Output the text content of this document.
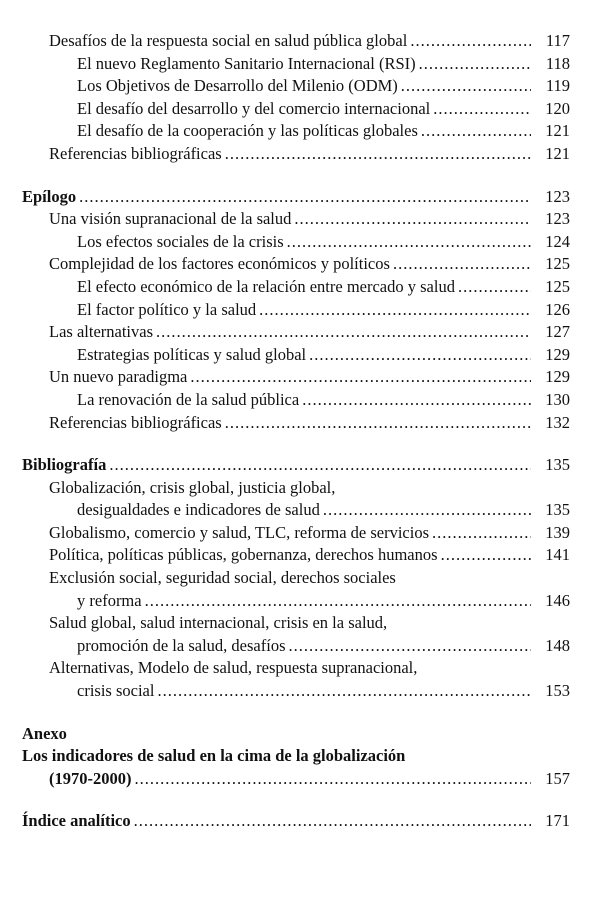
Desafíos de la respuesta social en salud pública global .....	117
El nuevo Reglamento Sanitario Internacional (RSI) .....	118
Los Objetivos de Desarrollo del Milenio (ODM) .....	119
El desafío del desarrollo y del comercio internacional .....	120
El desafío de la cooperación y las políticas globales .....	121
Referencias bibliográficas .....	121
Epílogo .....	123
Una visión supranacional de la salud .....	123
Los efectos sociales de la crisis .....	124
Complejidad de los factores económicos y políticos .....	125
El efecto económico de la relación entre mercado y salud .....	125
El factor político y la salud .....	126
Las alternativas .....	127
Estrategias políticas y salud global .....	129
Un nuevo paradigma .....	129
La renovación de la salud pública .....	130
Referencias bibliográficas .....	132
Bibliografía .....	135
Globalización, crisis global, justicia global,
desigualdades e indicadores de salud .....	135
Globalismo, comercio y salud, TLC, reforma de servicios .....	139
Política, políticas públicas, gobernanza, derechos humanos .....	141
Exclusión social, seguridad social, derechos sociales
y reforma .....	146
Salud global, salud internacional, crisis en la salud,
promoción de la salud, desafíos .....	148
Alternativas, Modelo de salud, respuesta supranacional,
crisis social .....	153
Anexo
Los indicadores de salud en la cima de la globalización
(1970-2000) .....	157
Índice analítico .....	171
